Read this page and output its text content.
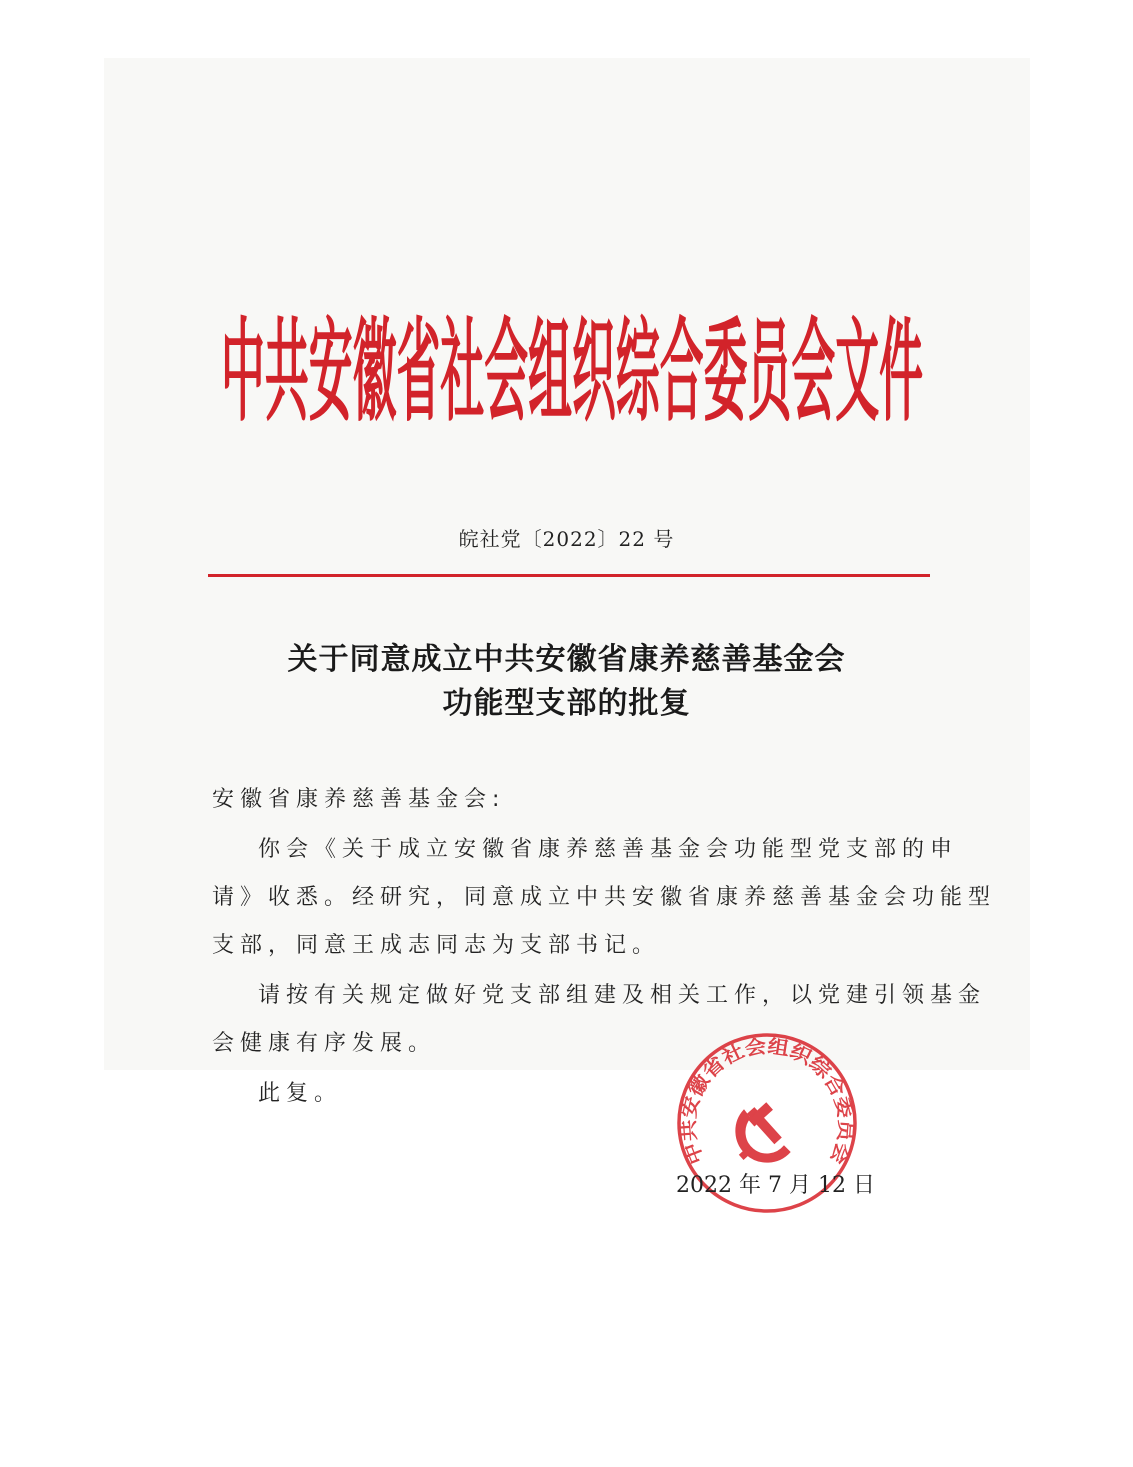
中共安徽省社会组织综合委员会文件
皖社党〔2022〕22 号
关于同意成立中共安徽省康养慈善基金会
功能型支部的批复
安徽省康养慈善基金会:
你会《关于成立安徽省康养慈善基金会功能型党支部的申
请》收悉。经研究，同意成立中共安徽省康养慈善基金会功能型
支部，同意王成志同志为支部书记。
请按有关规定做好党支部组建及相关工作，以党建引领基金
会健康有序发展。
此复。
中共安徽省社会组织综合委员会
2022 年 7 月 12 日
